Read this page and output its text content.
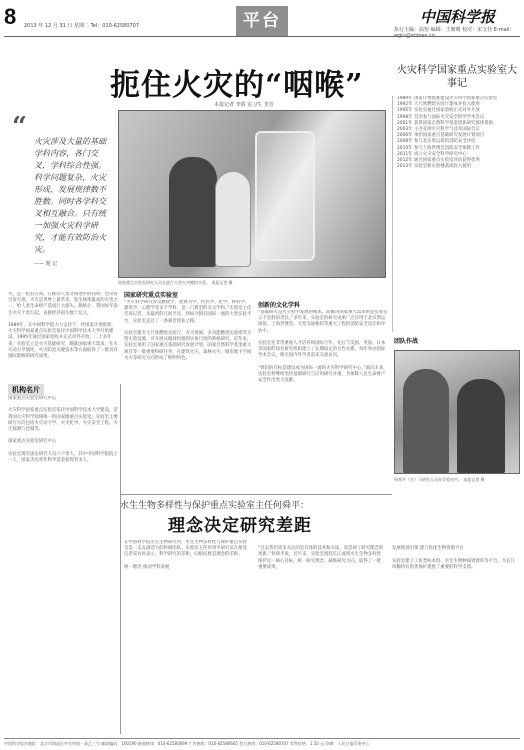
8 2013 年 12 月 31 日 星期二 Tel：010-62580707	平台	中国科学报
执行主编：温恒 编辑：王晴晴 校对：宋文佳 E-mail：
扼住火灾的“咽喉”
本报记者 李倩 实习生 李芳
火灾科学国家重点实验室大事记
“ 火灾涉及大量的基础学科内容，各门交叉，学科综合性强。科学问题复杂，火灾形成、发展规律数不胜数。同时各学科交叉相互融合。只有统一加强火灾科学研究，才能有效防治火灾。
—— 题 记
国家重点实验室研究人员在进行大型火灾模拟实验。 本报记者 摄
1989年 国家计委批准建设火灾科学国家重点实验室
1992年 大尺度燃烧实验厅建成并投入使用
1995年 实验室通过国家验收正式对外开放
1998年 首次参与国际火灾安全科学学术会议
2001年 获得国家自然科学基金创新研究群体资助
2003年 主办亚洲火灾科学与技术国际会议
2006年 承担国家重点基础研究发展计划项目
2008年 参与北京奥运场馆消防安全评估
2010年 参与上海世博会消防安全保障工作
2011年 成立火灾安全科学研究中心
2012年 通过国家重点实验室评估获得优秀
2013年 实验室新实验楼落成投入使用
火，是一把双刃剑。在推动人类文明进步的同时，也常常引发灾难。火灾是世界上最常见、发生频率最高的灾害之一，给人类生命财产造成巨大损失。据统计，我国每年发生火灾十余万起，直接经济损失数十亿元。

1989年，在中国科学院大力支持下，经国家计委批准，火灾科学国家重点实验室依托中国科学技术大学开始建设，1995年通过国家验收并正式对外开放。二十多年来，实验室立足火灾基础研究，瞄准国家重大需求，在火灾动力学演化、火灾防治关键技术等方面取得了一批具有国际影响的研究成果。
国家研究重点实验室
“火灾科学研究涉及燃烧学、流体力学、传热学、化学、材料学、建筑学、心理学等多个学科，是一门典型的交叉学科。”实验室主任告诉记者，从最初的几间平房，到如今拥有国际一流的大型实验平台，实验室走过了一条艰苦创业之路。

实验室建有大尺度燃烧实验厅、火灾风洞、多功能燃烧实验塔等大型实验设施，可开展从微观机理到实体尺度的系统研究。近年来，实验室承担了国家重点基础研究发展计划、国家自然科学基金重大项目等一批重要科研任务，在建筑火灾、森林火灾、城市地下空间火灾等研究方向形成了鲜明特色。
创新的文化学科
“基础研究是火灾科学发展的根本，而解决国家重大需求则是实验室义不容辞的责任。”多年来，实验室的研究成果广泛应用于北京奥运场馆、上海世博会、大型交通枢纽等重大工程的消防安全设计和评估中。

实验室还非常重视人才培养和国际合作，先后与美国、英国、日本等国家的知名研究机构建立了长期稳定的合作关系，每年举办国际学术会议，吸引国内外学者前来交流访问。

“我们的目标是建设成为国际一流的火灾科学研究中心。”面向未来，实验室将继续坚持基础研究与应用研究并重，为保障人民生命财产安全作出更大贡献。
团队作战
机构名片
国家重点实验室研究中心

火灾科学国家重点实验室依托中国科学技术大学建设，是我国火灾科学领域唯一的国家级重点实验室。实验室主要研究方向包括火灾动力学、火灾化学、火灾安全工程、火灾探测与控制等。

国家重点实验室研究中心

实验室现有固定研究人员六十余人，其中中国科学院院士一人，国家杰出青年科学基金获得者多人。
何舜平（右）与研究人员在实验室内。 本报记者 摄
水生生物多样性与保护重点实验室主任何舜平：
理念决定研究差距
在中国科学院水生生物研究所，水生生物多样性与保护重点实验室是一支充满活力的科研团队。实验室主任何舜平研究员在接受记者采访时表示，科学研究的差距，归根结底是理念的差距。

统一理念 推动学科发展

“过去我们更多关注的是具体的技术和方法，而忽视了研究理念的更新。”何舜平说，近年来，实验室围绕长江流域水生生物多样性保护这一核心目标，统一研究理念，凝练研究方向，取得了一批重要成果。

发展规划引领 建立优化生物资源平台

实验室建立了鱼类标本馆、水生生物种质资源库等平台，为长江珍稀特有鱼类保护提供了重要的科学支撑。
中国科学报社地址：北京市海淀区中关村南一条乙三号 邮政编码：100190 新闻热线：010-62580699 广告热线：010-62580665 发行热线：010-62580707 零售价格：1.50 元 印刷：人民日报印务中心
